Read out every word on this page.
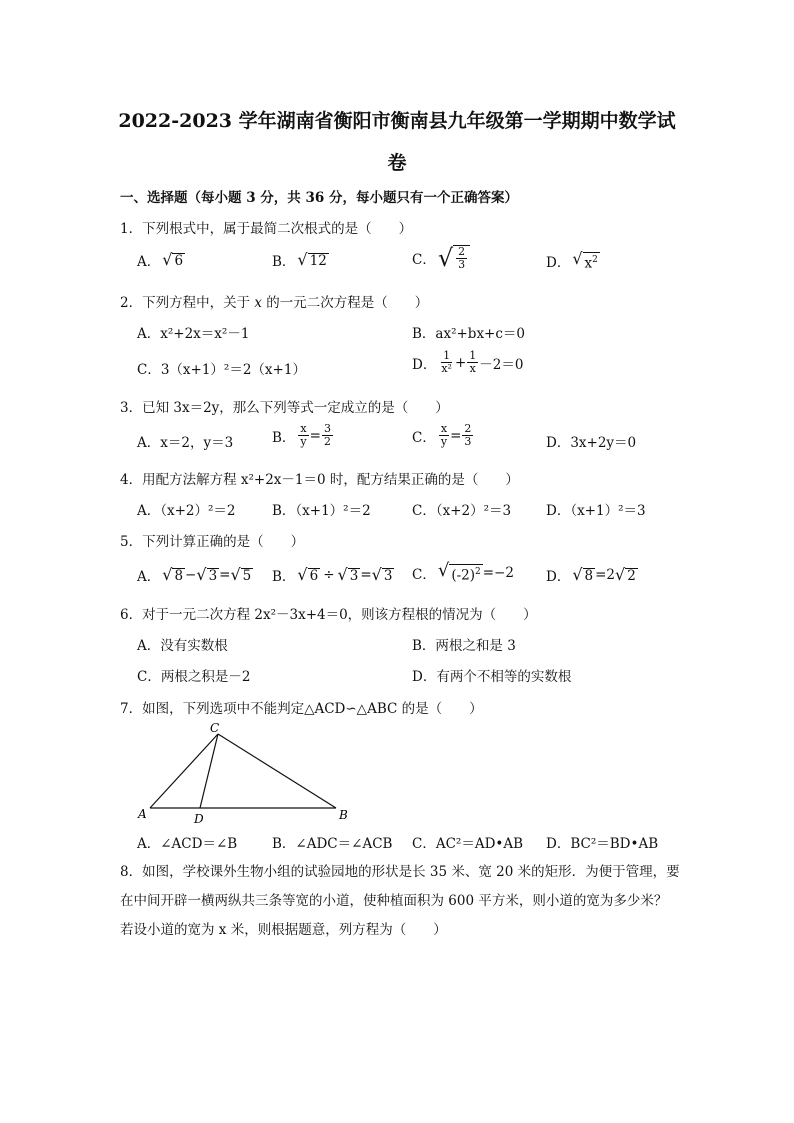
2022-2023 学年湖南省衡阳市衡南县九年级第一学期期中数学试
卷
一、选择题（每小题 3 分，共 36 分，每小题只有一个正确答案）
1．下列根式中，属于最简二次根式的是（　　）
A． √ 6	B． √ 12	C． √ $\frac{2}{3}$	D． √ $x^2$
2．下列方程中，关于 x 的一元二次方程是（　　）
A．x²+2x＝x²－1	B．ax²+bx+c＝0
C．3（x+1）²＝2（x+1）	D． $\frac{1}{\text{x²}} + \frac{1}{x} -2=0$
3．已知 3x＝2y，那么下列等式一定成立的是（　　）
A．x＝2，y＝3	B． $\frac{x}{y} = \frac{3}{2}$	C． $\frac{x}{y} = \frac{2}{3}$	D．3x+2y＝0
4．用配方法解方程 x²+2x－1＝0 时，配方结果正确的是（　　）
A．（x+2）²＝2	B．（x+1）²＝2	C．（x+2）²＝3	D．（x+1）²＝3
5．下列计算正确的是（　　）
A． √ 8 − √ 3 = √ 5 B． √ 6 ÷ √ 3 = √ 3 C． √ $(-2)^2 =-2$ D． √ 8 =2 √ 2
6．对于一元二次方程 2x²－3x+4＝0，则该方程根的情况为（　　）
A．没有实数根	B．两根之和是 3
C．两根之积是－2	D．有两个不相等的实数根
7．如图，下列选项中不能判定△ACD∽△ABC 的是（　　）
C
A	D	B
A．∠ACD＝∠B	B．∠ADC＝∠ACB C．AC²＝AD•AB D．BC²＝BD•AB
8．如图，学校课外生物小组的试验园地的形状是长 35 米、宽 20 米的矩形．为便于管理，要在中间开辟一横两纵共三条等宽的小道，使种植面积为 600 平方米，则小道的宽为多少米？若设小道的宽为 x 米，则根据题意，列方程为（　　）
